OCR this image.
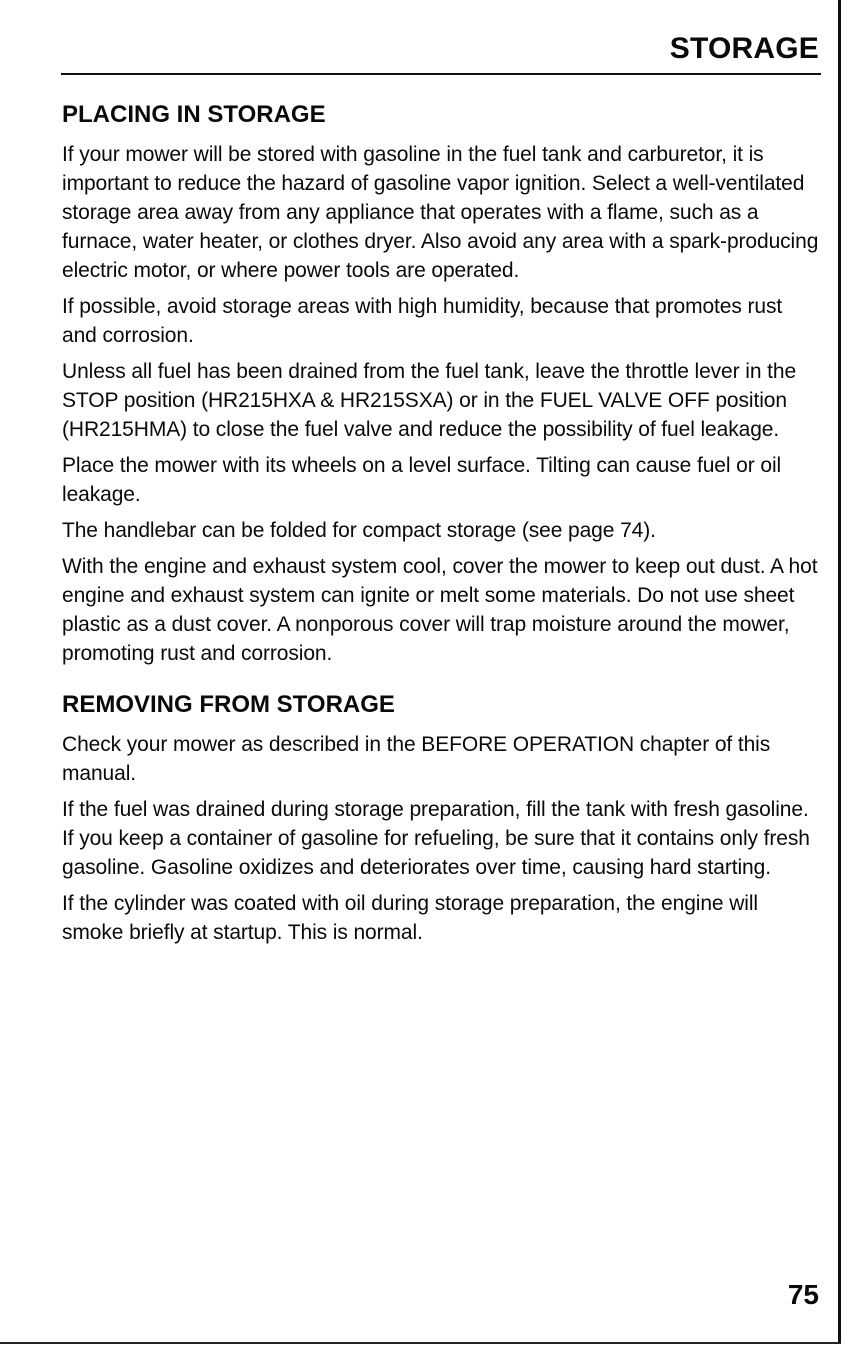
STORAGE
PLACING IN STORAGE

If your mower will be stored with gasoline in the fuel tank and carburetor, it is important to reduce the hazard of gasoline vapor ignition. Select a well-ventilated storage area away from any appliance that operates with a flame, such as a furnace, water heater, or clothes dryer. Also avoid any area with a spark-producing electric motor, or where power tools are operated.

If possible, avoid storage areas with high humidity, because that promotes rust and corrosion.

Unless all fuel has been drained from the fuel tank, leave the throttle lever in the STOP position (HR215HXA & HR215SXA) or in the FUEL VALVE OFF position (HR215HMA) to close the fuel valve and reduce the possibility of fuel leakage.

Place the mower with its wheels on a level surface. Tilting can cause fuel or oil leakage.

The handlebar can be folded for compact storage (see page 74).

With the engine and exhaust system cool, cover the mower to keep out dust. A hot engine and exhaust system can ignite or melt some materials. Do not use sheet plastic as a dust cover. A nonporous cover will trap moisture around the mower, promoting rust and corrosion.

REMOVING FROM STORAGE

Check your mower as described in the BEFORE OPERATION chapter of this manual.

If the fuel was drained during storage preparation, fill the tank with fresh gasoline. If you keep a container of gasoline for refueling, be sure that it contains only fresh gasoline. Gasoline oxidizes and deteriorates over time, causing hard starting.

If the cylinder was coated with oil during storage preparation, the engine will smoke briefly at startup. This is normal.

75
